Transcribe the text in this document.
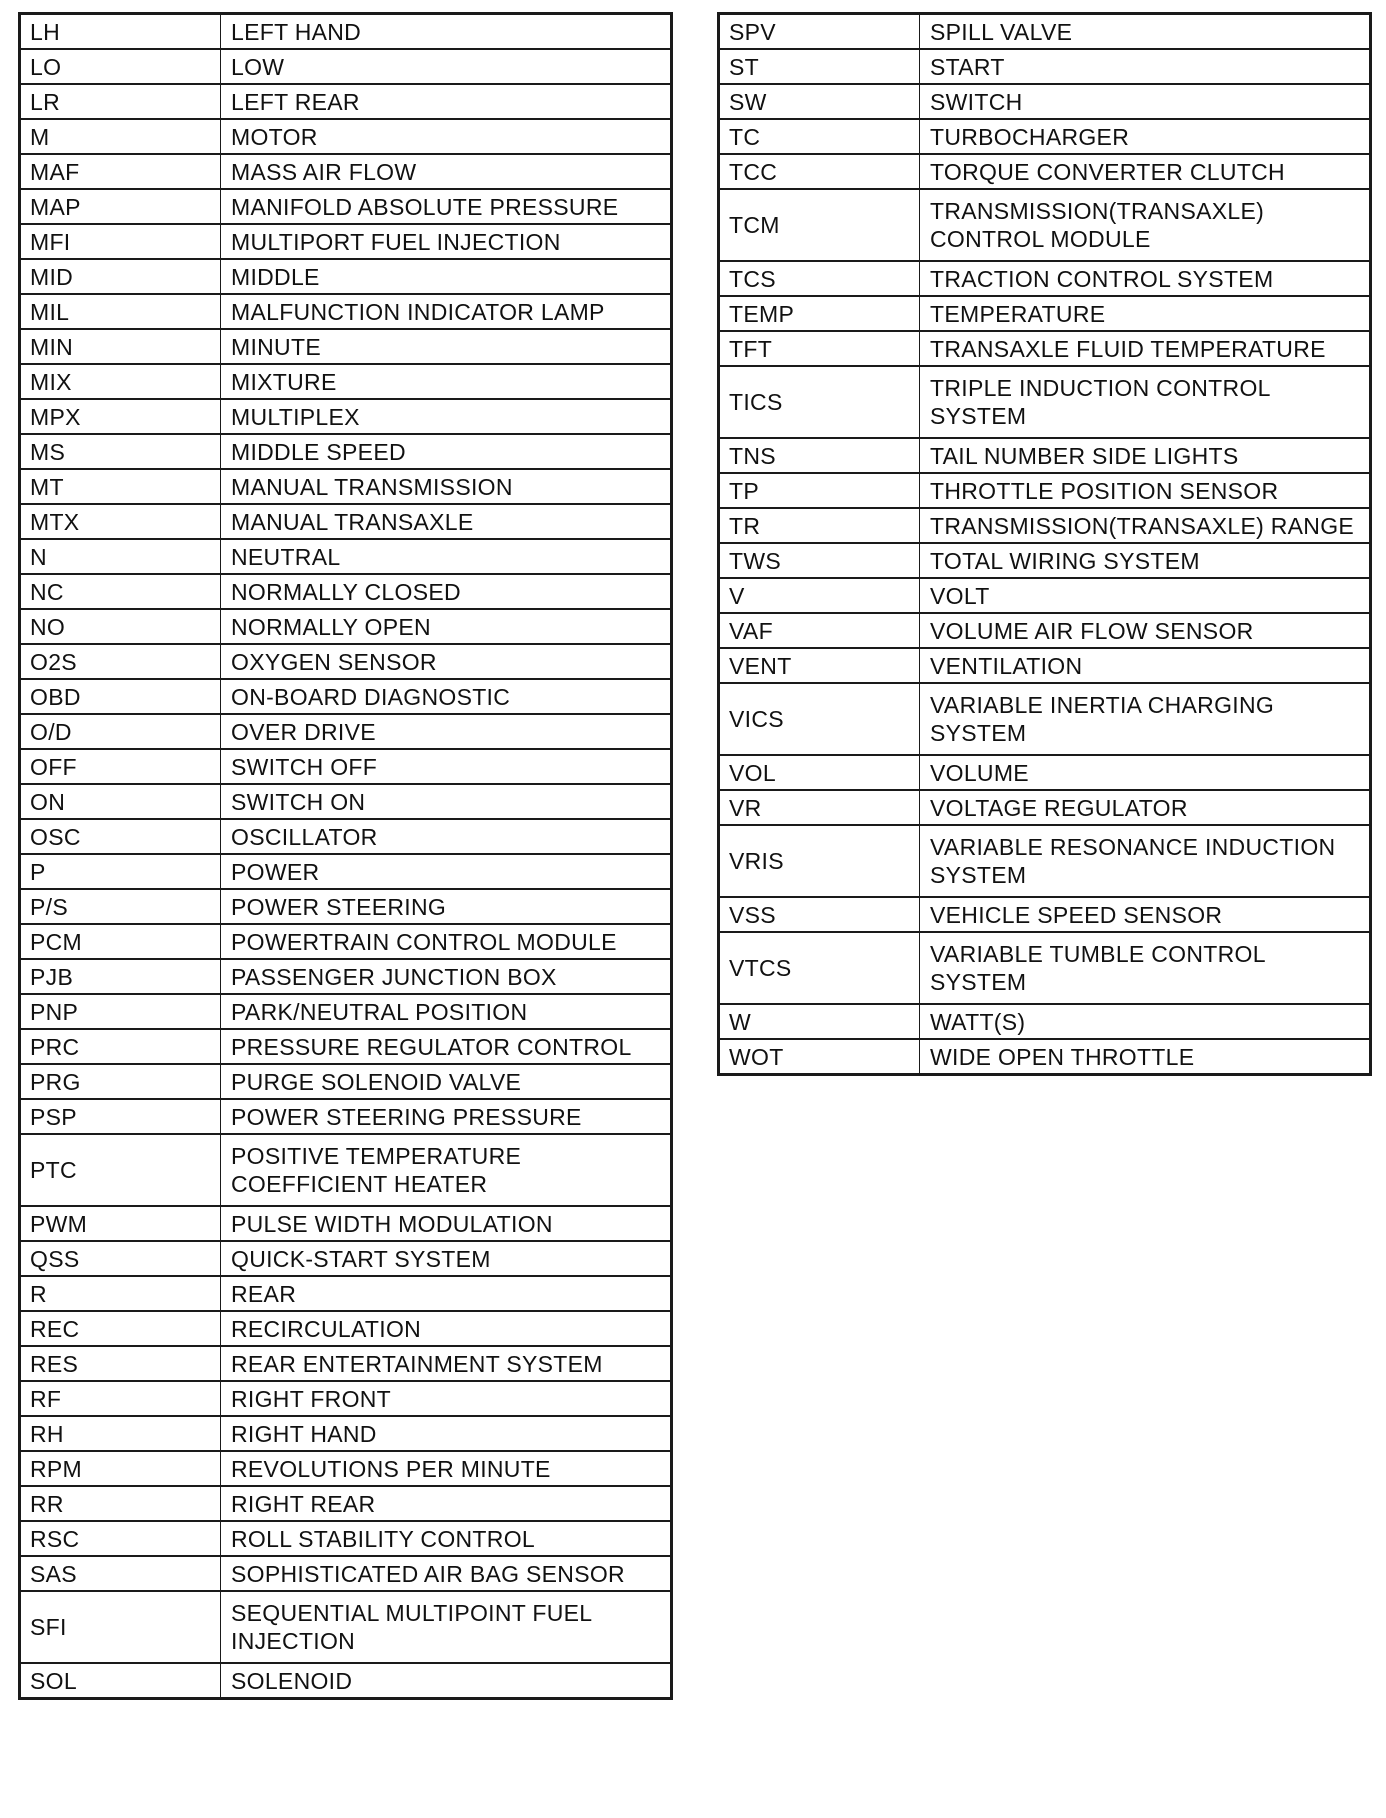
LH	LEFT HAND
LO	LOW
LR	LEFT REAR
M	MOTOR
MAF	MASS AIR FLOW
MAP	MANIFOLD ABSOLUTE PRESSURE
MFI	MULTIPORT FUEL INJECTION
MID	MIDDLE
MIL	MALFUNCTION INDICATOR LAMP
MIN	MINUTE
MIX	MIXTURE
MPX	MULTIPLEX
MS	MIDDLE SPEED
MT	MANUAL TRANSMISSION
MTX	MANUAL TRANSAXLE
N	NEUTRAL
NC	NORMALLY CLOSED
NO	NORMALLY OPEN
O2S	OXYGEN SENSOR
OBD	ON-BOARD DIAGNOSTIC
O/D	OVER DRIVE
OFF	SWITCH OFF
ON	SWITCH ON
OSC	OSCILLATOR
P	POWER
P/S	POWER STEERING
PCM	POWERTRAIN CONTROL MODULE
PJB	PASSENGER JUNCTION BOX
PNP	PARK/NEUTRAL POSITION
PRC	PRESSURE REGULATOR CONTROL
PRG	PURGE SOLENOID VALVE
PSP	POWER STEERING PRESSURE
PTC	POSITIVE TEMPERATURE
COEFFICIENT HEATER
PWM	PULSE WIDTH MODULATION
QSS	QUICK-START SYSTEM
R	REAR
REC	RECIRCULATION
RES	REAR ENTERTAINMENT SYSTEM
RF	RIGHT FRONT
RH	RIGHT HAND
RPM	REVOLUTIONS PER MINUTE
RR	RIGHT REAR
RSC	ROLL STABILITY CONTROL
SAS	SOPHISTICATED AIR BAG SENSOR
SFI	SEQUENTIAL MULTIPOINT FUEL
INJECTION
SOL	SOLENOID
SPV	SPILL VALVE
ST	START
SW	SWITCH
TC	TURBOCHARGER
TCC	TORQUE CONVERTER CLUTCH
TCM	TRANSMISSION(TRANSAXLE)
CONTROL MODULE
TCS	TRACTION CONTROL SYSTEM
TEMP	TEMPERATURE
TFT	TRANSAXLE FLUID TEMPERATURE
TICS	TRIPLE INDUCTION CONTROL
SYSTEM
TNS	TAIL NUMBER SIDE LIGHTS
TP	THROTTLE POSITION SENSOR
TR	TRANSMISSION(TRANSAXLE) RANGE
TWS	TOTAL WIRING SYSTEM
V	VOLT
VAF	VOLUME AIR FLOW SENSOR
VENT	VENTILATION
VICS	VARIABLE INERTIA CHARGING
SYSTEM
VOL	VOLUME
VR	VOLTAGE REGULATOR
VRIS	VARIABLE RESONANCE INDUCTION
SYSTEM
VSS	VEHICLE SPEED SENSOR
VTCS	VARIABLE TUMBLE CONTROL
SYSTEM
W	WATT(S)
WOT	WIDE OPEN THROTTLE
